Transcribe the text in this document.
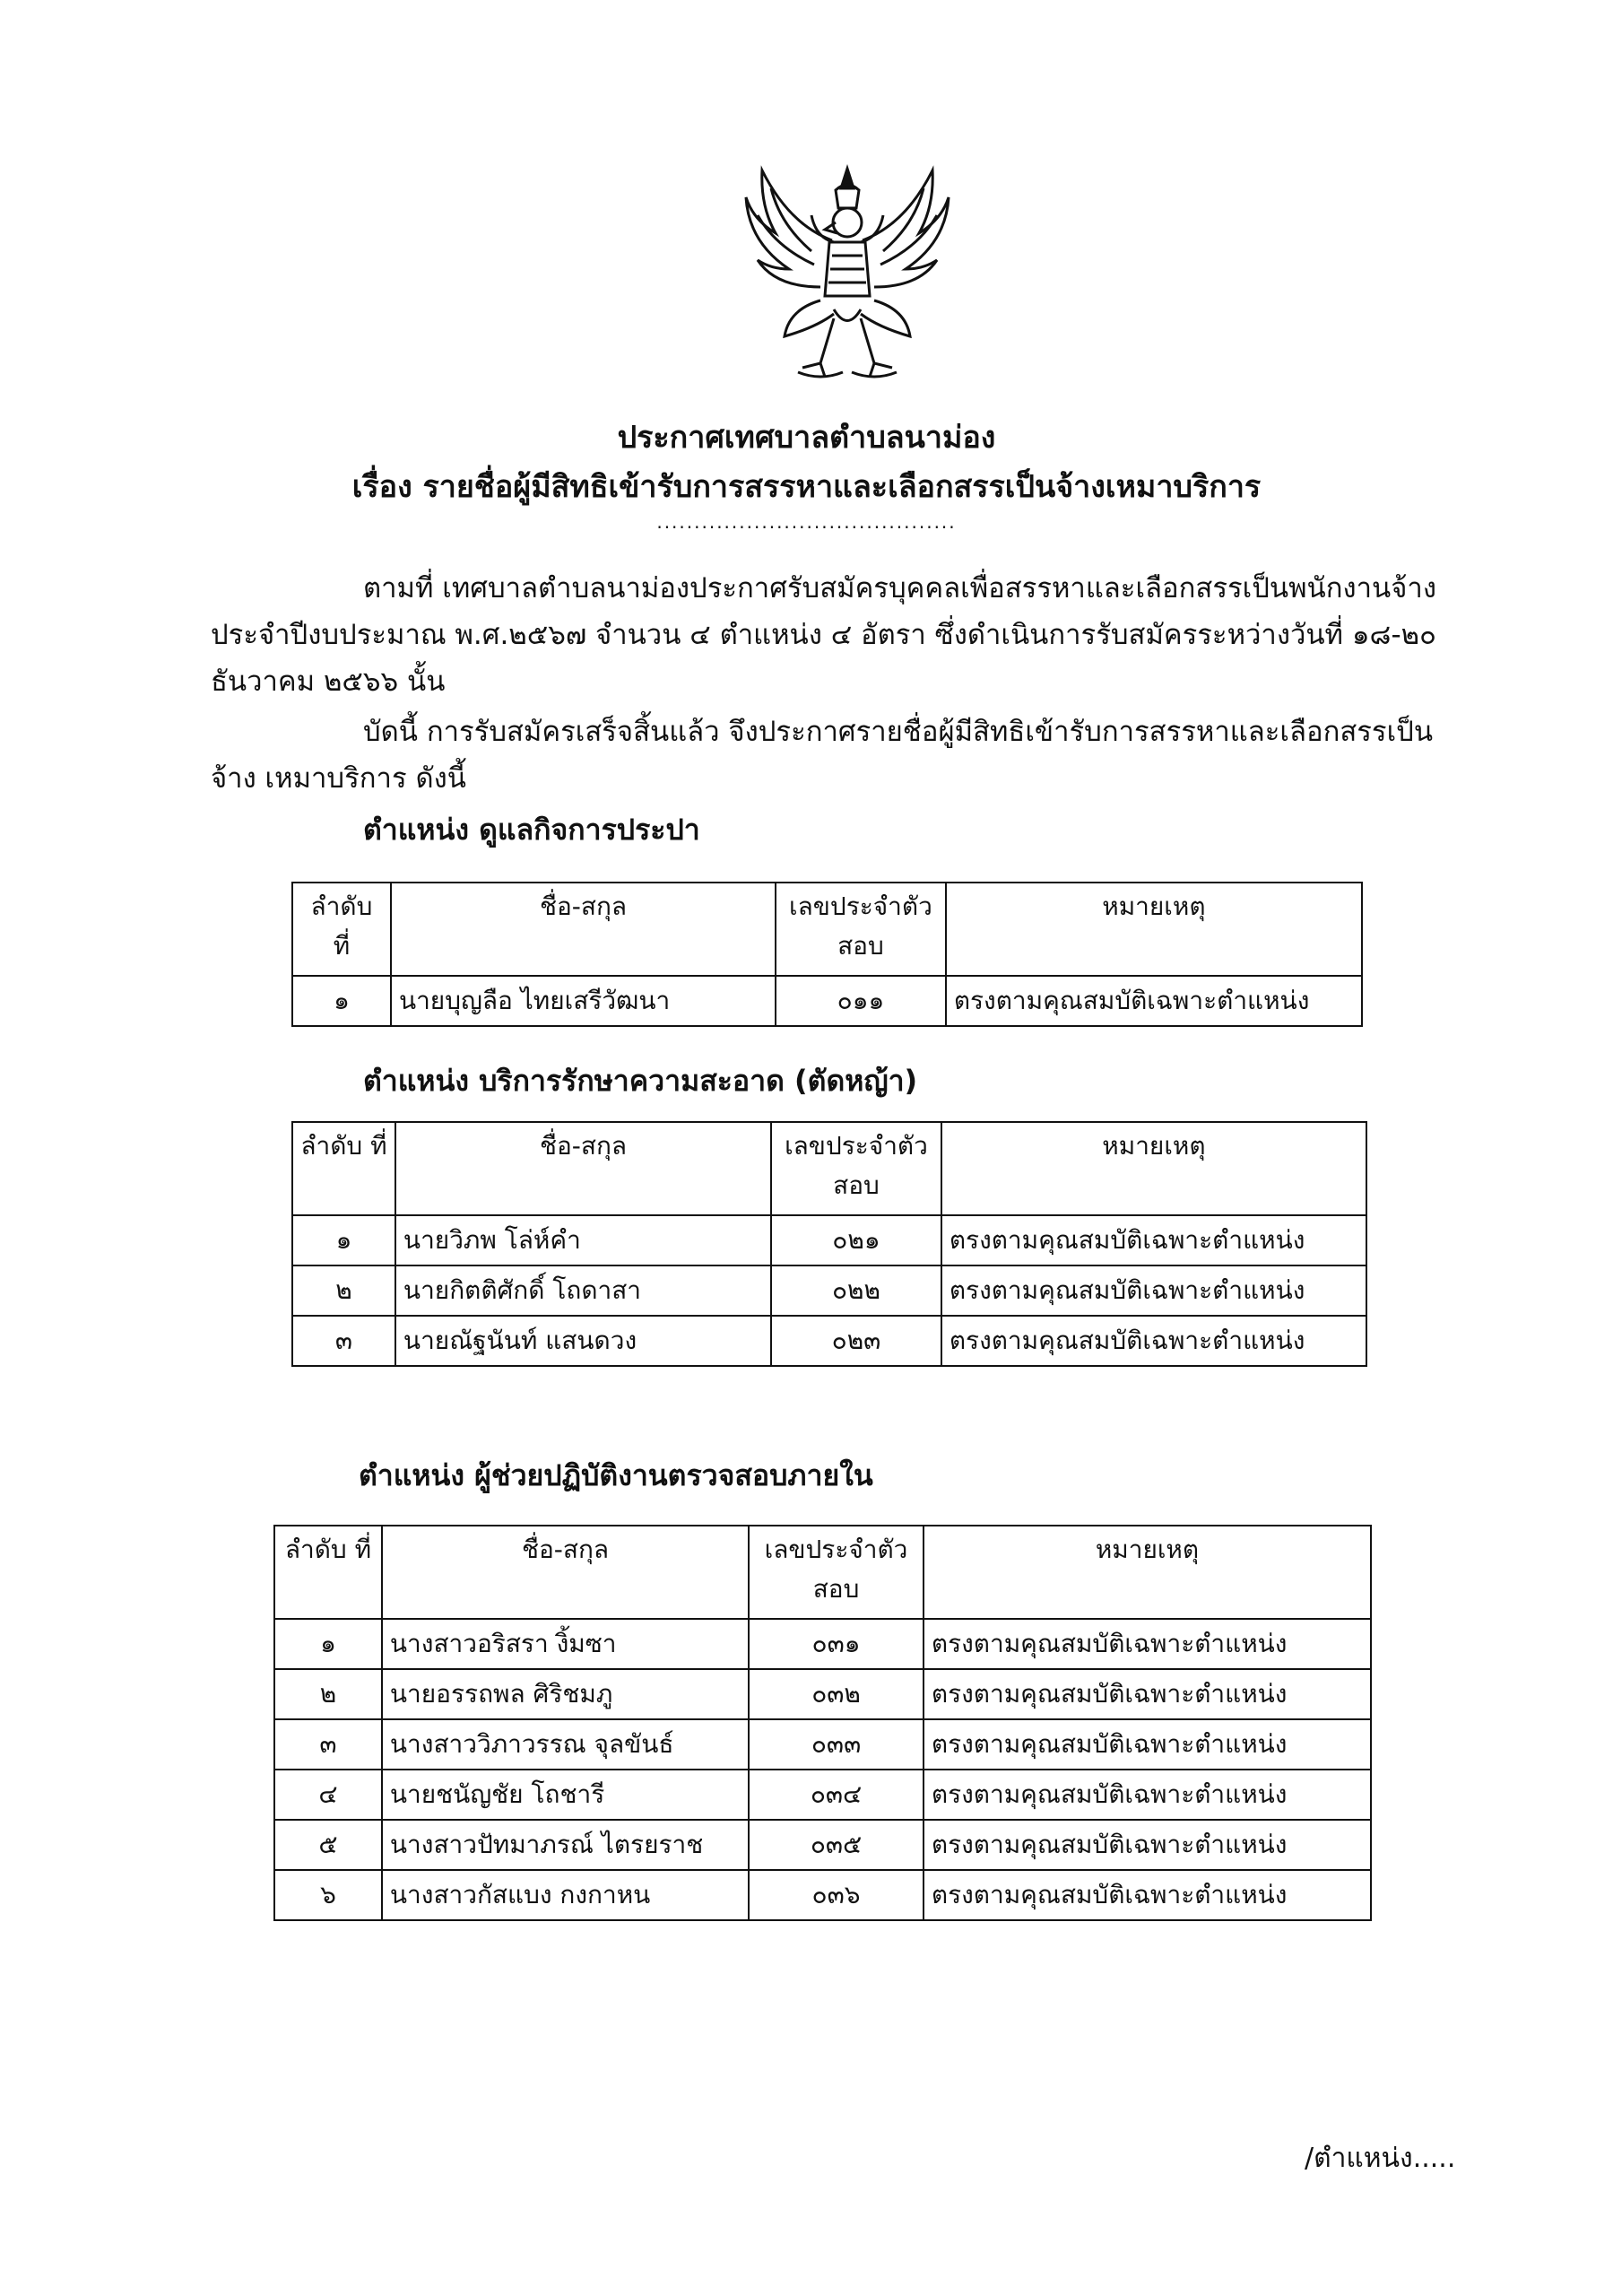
ประกาศเทศบาลตำบลนาม่อง
เรื่อง รายชื่อผู้มีสิทธิเข้ารับการสรรหาและเลือกสรรเป็นจ้างเหมาบริการ
........................................
ตามที่ เทศบาลตำบลนาม่องประกาศรับสมัครบุคคลเพื่อสรรหาและเลือกสรรเป็นพนักงานจ้าง ประจำปีงบประมาณ พ.ศ.๒๕๖๗ จำนวน ๔ ตำแหน่ง ๔ อัตรา ซึ่งดำเนินการรับสมัครระหว่างวันที่ ๑๘-๒๐ ธันวาคม ๒๕๖๖ นั้น
บัดนี้ การรับสมัครเสร็จสิ้นแล้ว จึงประกาศรายชื่อผู้มีสิทธิเข้ารับการสรรหาและเลือกสรรเป็นจ้าง เหมาบริการ ดังนี้
ตำแหน่ง ดูแลกิจการประปา
ลำดับ ที่	ชื่อ-สกุล	เลขประจำตัว สอบ	หมายเหตุ
๑	นายบุญลือ ไทยเสรีวัฒนา	๐๑๑	ตรงตามคุณสมบัติเฉพาะตำแหน่ง
ตำแหน่ง บริการรักษาความสะอาด (ตัดหญ้า)
ลำดับ ที่	ชื่อ-สกุล	เลขประจำตัว สอบ	หมายเหตุ
๑	นายวิภพ โล่ห์คำ	๐๒๑	ตรงตามคุณสมบัติเฉพาะตำแหน่ง
๒	นายกิตติศักดิ์ โถดาสา	๐๒๒	ตรงตามคุณสมบัติเฉพาะตำแหน่ง
๓	นายณัฐนันท์ แสนดวง	๐๒๓	ตรงตามคุณสมบัติเฉพาะตำแหน่ง
ตำแหน่ง ผู้ช่วยปฏิบัติงานตรวจสอบภายใน
ลำดับ ที่	ชื่อ-สกุล	เลขประจำตัว สอบ	หมายเหตุ
๑	นางสาวอริสรา งิ้มซา	๐๓๑	ตรงตามคุณสมบัติเฉพาะตำแหน่ง
๒	นายอรรถพล ศิริชมภู	๐๓๒	ตรงตามคุณสมบัติเฉพาะตำแหน่ง
๓	นางสาววิภาวรรณ จุลขันธ์	๐๓๓	ตรงตามคุณสมบัติเฉพาะตำแหน่ง
๔	นายชนัญชัย โถชารี	๐๓๔	ตรงตามคุณสมบัติเฉพาะตำแหน่ง
๕	นางสาวปัทมาภรณ์ ไตรยราช	๐๓๕	ตรงตามคุณสมบัติเฉพาะตำแหน่ง
๖	นางสาวกัสแบง กงกาหน	๐๓๖	ตรงตามคุณสมบัติเฉพาะตำแหน่ง
/ตำแหน่ง.....
